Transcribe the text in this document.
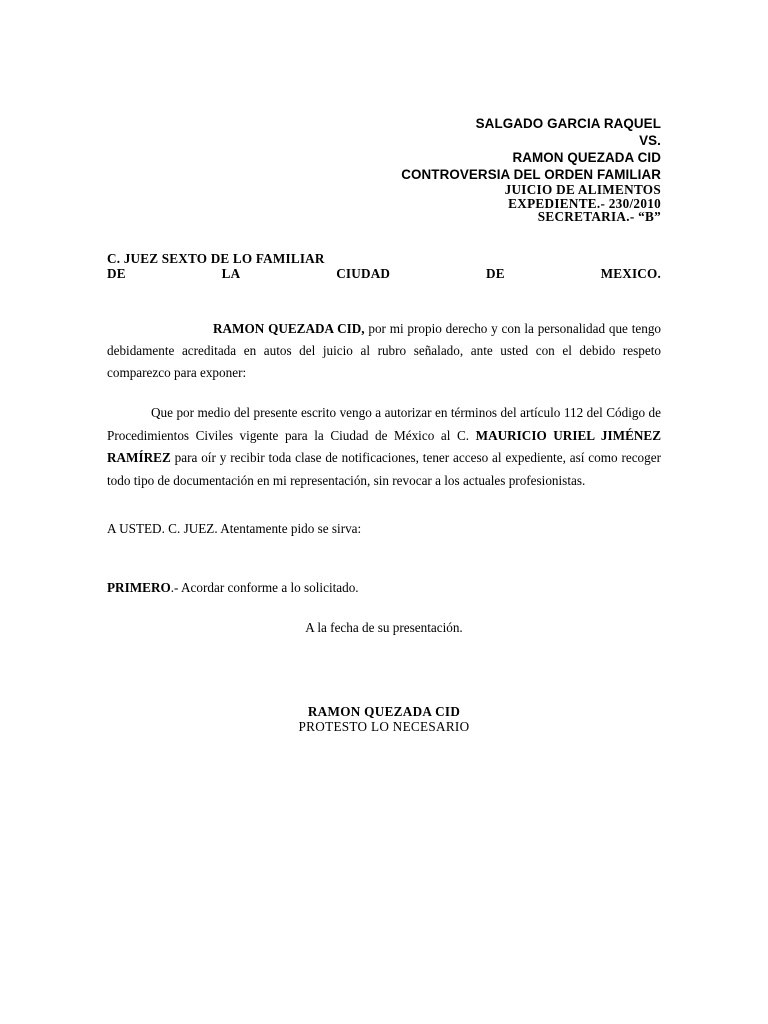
SALGADO GARCIA RAQUEL
VS.
RAMON QUEZADA CID
CONTROVERSIA DEL ORDEN FAMILIAR
JUICIO DE ALIMENTOS
EXPEDIENTE.- 230/2010
SECRETARIA.- “B”
C. JUEZ SEXTO DE LO FAMILIAR
DE	LA	CIUDAD	DE	MEXICO.
RAMON QUEZADA CID, por mi propio derecho y con la personalidad que tengo debidamente acreditada en autos del juicio al rubro señalado, ante usted con el debido respeto comparezco para exponer:
Que por medio del presente escrito vengo a autorizar en términos del artículo 112 del Código de Procedimientos Civiles vigente para la Ciudad de México al C. MAURICIO URIEL JIMÉNEZ RAMÍREZ para oír y recibir toda clase de notificaciones, tener acceso al expediente, así como recoger todo tipo de documentación en mi representación, sin revocar a los actuales profesionistas.
A USTED. C. JUEZ. Atentamente pido se sirva:
PRIMERO.- Acordar conforme a lo solicitado.
A la fecha de su presentación.
RAMON QUEZADA CID
PROTESTO LO NECESARIO
